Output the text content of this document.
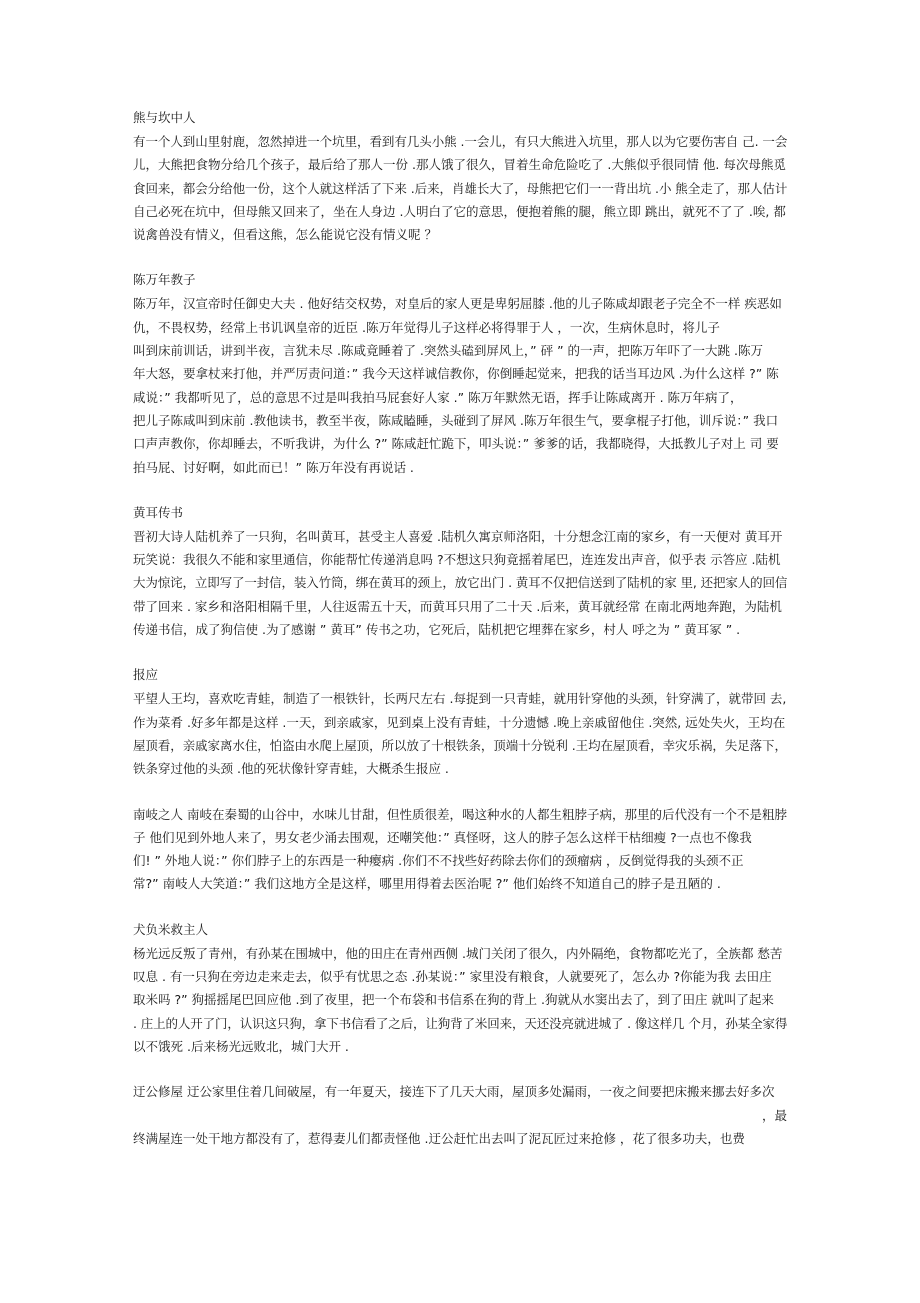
熊与坎中人
有一个人到山里射鹿，忽然掉进一个坑里，看到有几头小熊 .一会儿，有只大熊进入坑里，那人以为它要伤害自 己. 一会
儿，大熊把食物分给几个孩子，最后给了那人一份 .那人饿了很久，冒着生命危险吃了 .大熊似乎很同情 他. 每次母熊觅
食回来，都会分给他一份，这个人就这样活了下来 .后来，肖雄长大了，母熊把它们一一背出坑 .小 熊全走了，那人估计
自己必死在坑中，但母熊又回来了，坐在人身边 .人明白了它的意思，便抱着熊的腿，熊立即 跳出，就死不了了 .唉, 都
说禽兽没有情义，但看这熊，怎么能说它没有情义呢 ？
陈万年教子
陈万年，汉宣帝时任御史大夫 . 他好结交权势，对皇后的家人更是卑躬屈膝 .他的儿子陈咸却跟老子完全不一样 疾恶如
仇，不畏权势，经常上书讥讽皇帝的近臣 .陈万年觉得儿子这样必将得罪于人 ，一次，生病休息时，将儿子
叫到床前训话，讲到半夜，言犹未尽 .陈咸竟睡着了 .突然头磕到屏风上，” 砰 ” 的一声，把陈万年吓了一大跳 .陈万
年大怒，要拿杖来打他，并严厉责问道：” 我今天这样诚信教你，你倒睡起觉来，把我的话当耳边风 .为什么这样 ?” 陈
咸说：” 我都听见了，总的意思不过是叫我拍马屁套好人家 .” 陈万年默然无语，挥手让陈咸离开 . 陈万年病了，
把儿子陈咸叫到床前 .教他读书，教至半夜，陈咸瞌睡，头碰到了屏风 .陈万年很生气，要拿棍子打他，训斥说：” 我口
口声声教你，你却睡去，不听我讲，为什么 ?” 陈咸赶忙跪下，叩头说：” 爹爹的话，我都晓得，大抵教儿子对上 司 要
拍马屁、讨好啊，如此而已！” 陈万年没有再说话 .
黄耳传书
晋初大诗人陆机养了一只狗，名叫黄耳，甚受主人喜爱 .陆机久寓京师洛阳，十分想念江南的家乡，有一天便对 黄耳开
玩笑说：我很久不能和家里通信，你能帮忙传递消息吗 ?不想这只狗竟摇着尾巴，连连发出声音，似乎表 示答应 .陆机
大为惊诧，立即写了一封信，装入竹筒，绑在黄耳的颈上，放它出门 . 黄耳不仅把信送到了陆机的家 里, 还把家人的回信
带了回来 . 家乡和洛阳相隔千里，人往返需五十天，而黄耳只用了二十天 .后来，黄耳就经常 在南北两地奔跑，为陆机
传递书信，成了狗信使 .为了感谢 ” 黄耳” 传书之功，它死后，陆机把它埋葬在家乡，村人 呼之为 ” 黄耳冢 ” .
报应
平望人王均，喜欢吃青蛙，制造了一根铁针，长两尺左右 .每捉到一只青蛙，就用针穿他的头颈，针穿满了，就带回 去,
作为菜肴 .好多年都是这样 .一天，到亲戚家，见到桌上没有青蛙，十分遗憾 .晚上亲戚留他住 .突然, 远处失火，王均在
屋顶看，亲戚家离水住，怕盗由水爬上屋顶，所以放了十根铁条，顶端十分锐利 .王均在屋顶看，幸灾乐祸，失足落下，
铁条穿过他的头颈 .他的死状像针穿青蛙，大概杀生报应 .
南岐之人 南岐在秦蜀的山谷中，水味儿甘甜，但性质很差，喝这种水的人都生粗脖子病，那里的后代没有一个不是粗脖
子 他们见到外地人来了，男女老少涌去围观，还嘲笑他：” 真怪呀，这人的脖子怎么这样干枯细瘦 ?一点也不像我
们! ” 外地人说：” 你们脖子上的东西是一种瘿病 .你们不不找些好药除去你们的颈瘤病 ，反倒觉得我的头颈不正
常?” 南岐人大笑道：” 我们这地方全是这样，哪里用得着去医治呢 ?” 他们始终不知道自己的脖子是丑陋的 .
犬负米救主人
杨光远反叛了青州，有孙某在围城中，他的田庄在青州西侧 .城门关闭了很久，内外隔绝，食物都吃光了，全族都 愁苦
叹息 . 有一只狗在旁边走来走去，似乎有忧思之态 .孙某说：” 家里没有粮食，人就要死了，怎么办 ?你能为我 去田庄
取米吗 ?” 狗摇摇尾巴回应他 .到了夜里，把一个布袋和书信系在狗的背上 .狗就从水窦出去了，到了田庄 就叫了起来
. 庄上的人开了门，认识这只狗，拿下书信看了之后，让狗背了米回来，天还没亮就进城了 . 像这样几 个月，孙某全家得
以不饿死 .后来杨光远败北，城门大开 .
迂公修屋 迂公家里住着几间破屋，有一年夏天，接连下了几天大雨，屋顶多处漏雨，一夜之间要把床搬来挪去好多次
，最
终满屋连一处干地方都没有了，惹得妻儿们都责怪他 .迂公赶忙出去叫了泥瓦匠过来抢修 ，花了很多功夫，也费
